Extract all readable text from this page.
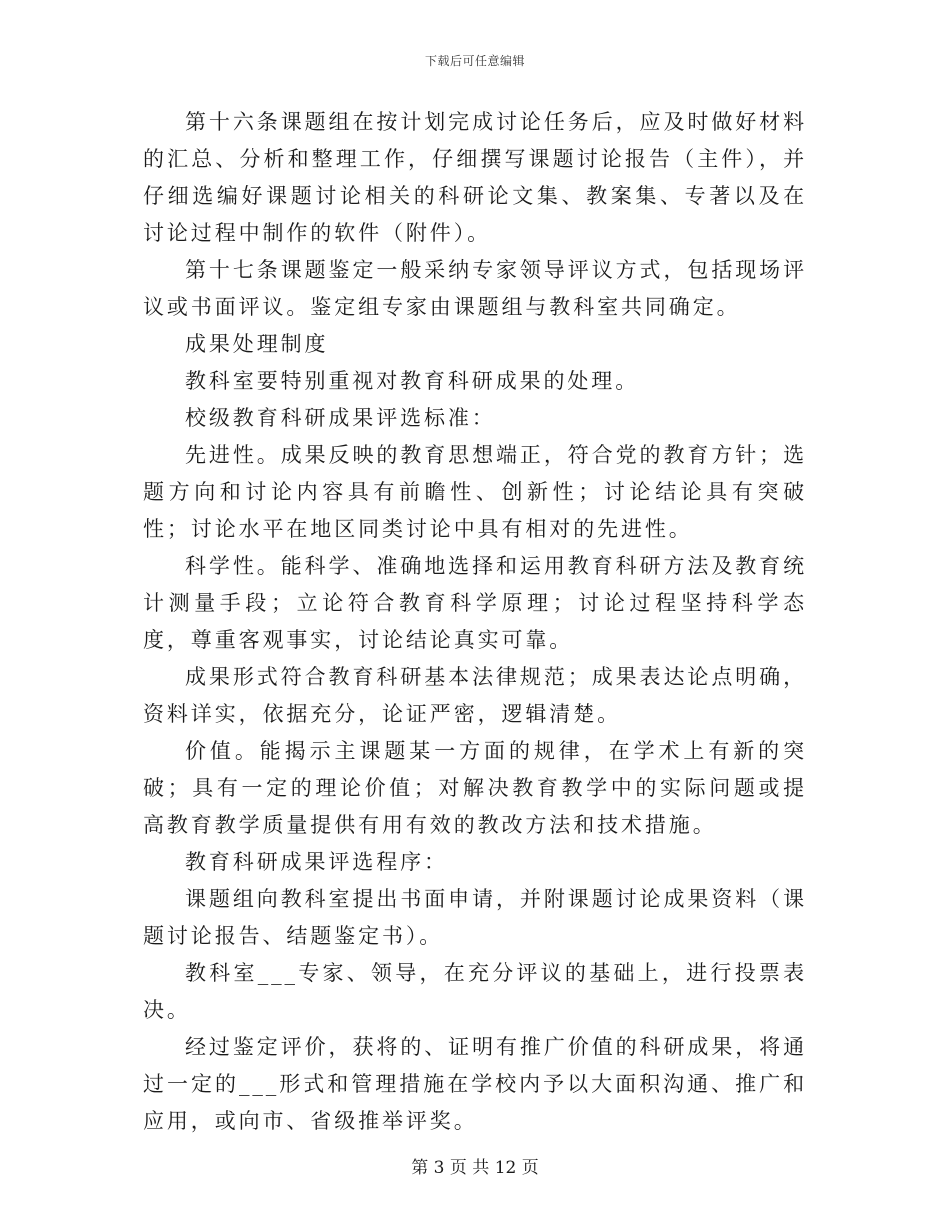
下载后可任意编辑

第十六条课题组在按计划完成讨论任务后，应及时做好材料的汇总、分析和整理工作，仔细撰写课题讨论报告（主件），并仔细选编好课题讨论相关的科研论文集、教案集、专著以及在讨论过程中制作的软件（附件）。

第十七条课题鉴定一般采纳专家领导评议方式，包括现场评议或书面评议。鉴定组专家由课题组与教科室共同确定。

成果处理制度

教科室要特别重视对教育科研成果的处理。

校级教育科研成果评选标准：

先进性。成果反映的教育思想端正，符合党的教育方针；选题方向和讨论内容具有前瞻性、创新性；讨论结论具有突破性；讨论水平在地区同类讨论中具有相对的先进性。

科学性。能科学、准确地选择和运用教育科研方法及教育统计测量手段；立论符合教育科学原理；讨论过程坚持科学态度，尊重客观事实，讨论结论真实可靠。

成果形式符合教育科研基本法律规范；成果表达论点明确，资料详实，依据充分，论证严密，逻辑清楚。

价值。能揭示主课题某一方面的规律，在学术上有新的突破；具有一定的理论价值；对解决教育教学中的实际问题或提高教育教学质量提供有用有效的教改方法和技术措施。

教育科研成果评选程序：

课题组向教科室提出书面申请，并附课题讨论成果资料（课题讨论报告、结题鉴定书）。

教科室___专家、领导，在充分评议的基础上，进行投票表决。

经过鉴定评价，获将的、证明有推广价值的科研成果，将通过一定的___形式和管理措施在学校内予以大面积沟通、推广和应用，或向市、省级推举评奖。

第 3 页 共 12 页
